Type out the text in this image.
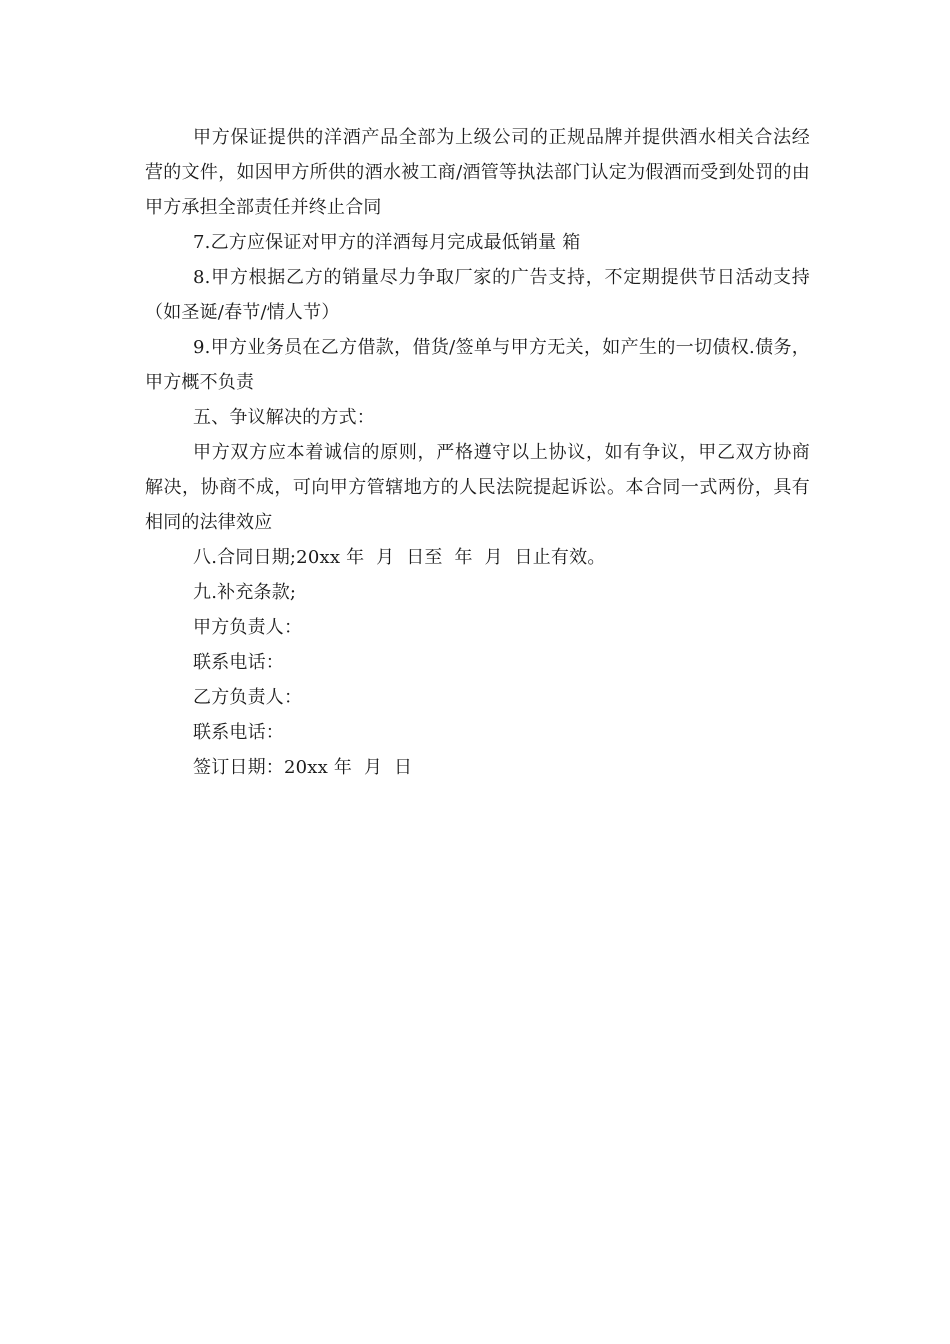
甲方保证提供的洋酒产品全部为上级公司的正规品牌并提供酒水相关合法经营的文件，如因甲方所供的酒水被工商/酒管等执法部门认定为假酒而受到处罚的由甲方承担全部责任并终止合同

7.乙方应保证对甲方的洋酒每月完成最低销量 箱

8.甲方根据乙方的销量尽力争取厂家的广告支持，不定期提供节日活动支持（如圣诞/春节/情人节）

9.甲方业务员在乙方借款，借货/签单与甲方无关，如产生的一切债权.债务，甲方概不负责

五、争议解决的方式：

甲方双方应本着诚信的原则，严格遵守以上协议，如有争议，甲乙双方协商解决，协商不成，可向甲方管辖地方的人民法院提起诉讼。本合同一式两份，具有相同的法律效应

八.合同日期;20xx 年  月  日至  年  月  日止有效。

九.补充条款;

甲方负责人：

联系电话：

乙方负责人：

联系电话：

签订日期：20xx 年  月  日
